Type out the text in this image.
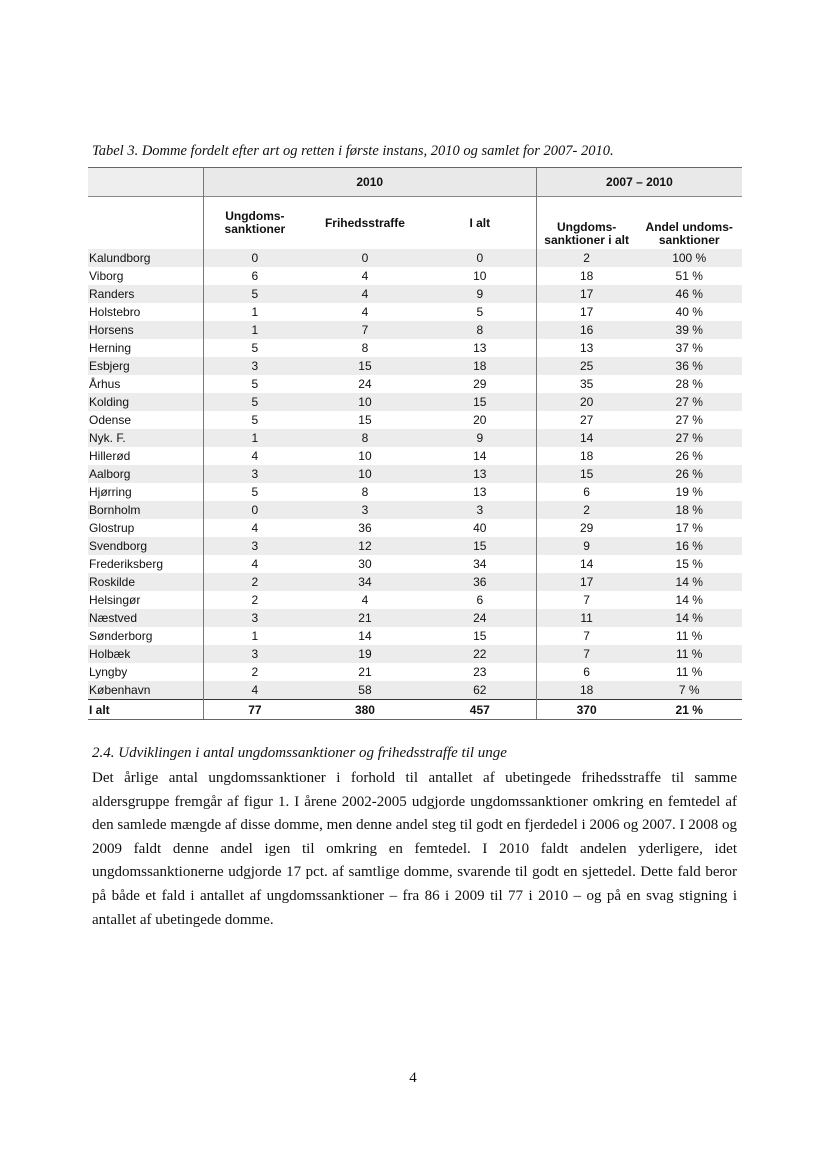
Tabel 3. Domme fordelt efter art og retten i første instans, 2010 og samlet for 2007- 2010.
	2010			2007 – 2010	
	Ungdoms- sanktioner	Frihedsstraffe	I alt	Ungdoms- sanktioner i alt	Andel undoms- sanktioner
Kalundborg	0	0	0	2	100 %
Viborg	6	4	10	18	51 %
Randers	5	4	9	17	46 %
Holstebro	1	4	5	17	40 %
Horsens	1	7	8	16	39 %
Herning	5	8	13	13	37 %
Esbjerg	3	15	18	25	36 %
Århus	5	24	29	35	28 %
Kolding	5	10	15	20	27 %
Odense	5	15	20	27	27 %
Nyk. F.	1	8	9	14	27 %
Hillerød	4	10	14	18	26 %
Aalborg	3	10	13	15	26 %
Hjørring	5	8	13	6	19 %
Bornholm	0	3	3	2	18 %
Glostrup	4	36	40	29	17 %
Svendborg	3	12	15	9	16 %
Frederiksberg	4	30	34	14	15 %
Roskilde	2	34	36	17	14 %
Helsingør	2	4	6	7	14 %
Næstved	3	21	24	11	14 %
Sønderborg	1	14	15	7	11 %
Holbæk	3	19	22	7	11 %
Lyngby	2	21	23	6	11 %
København	4	58	62	18	7 %
I alt	77	380	457	370	21 %
2.4. Udviklingen i antal ungdomssanktioner og frihedsstraffe til unge
Det årlige antal ungdomssanktioner i forhold til antallet af ubetingede frihedsstraffe til samme aldersgruppe fremgår af figur 1. I årene 2002-2005 udgjorde ungdomssanktioner omkring en femtedel af den samlede mængde af disse domme, men denne andel steg til godt en fjerdedel i 2006 og 2007. I 2008 og 2009 faldt denne andel igen til omkring en femtedel. I 2010 faldt andelen yderligere, idet ungdomssanktionerne udgjorde 17 pct. af samtlige domme, svarende til godt en sjettedel. Dette fald beror på både et fald i antallet af ungdomssanktioner – fra 86 i 2009 til 77 i 2010 – og på en svag stigning i antallet af ubetingede domme.
4
